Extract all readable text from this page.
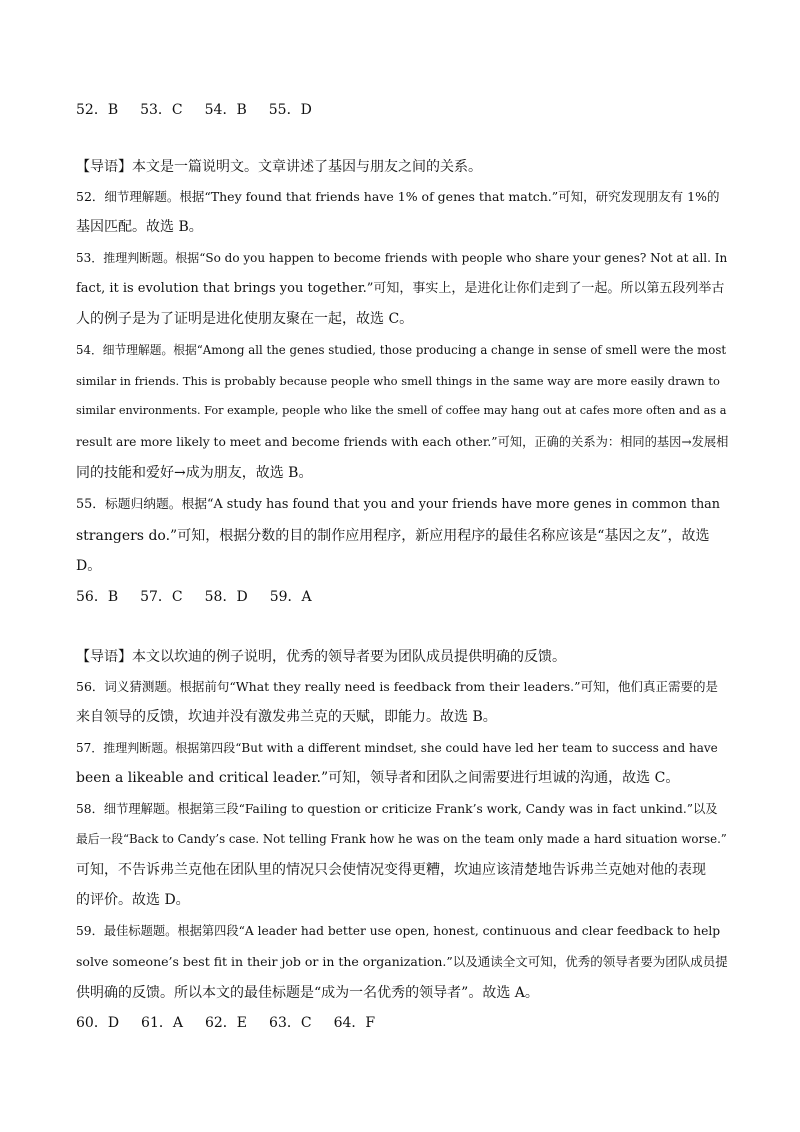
52．B 53．C 54．B 55．D
【导语】本文是一篇说明文。文章讲述了基因与朋友之间的关系。
52．细节理解题。根据“They found that friends have 1% of genes that match.”可知，研究发现朋友有 1%的
基因匹配。故选 B。
53．推理判断题。根据“So do you happen to become friends with people who share your genes? Not at all. In
fact, it is evolution that brings you together.”可知，事实上，是进化让你们走到了一起。所以第五段列举古
人的例子是为了证明是进化使朋友聚在一起，故选 C。
54．细节理解题。根据“Among all the genes studied, those producing a change in sense of smell were the most
similar in friends. This is probably because people who smell things in the same way are more easily drawn to
similar environments. For example, people who like the smell of coffee may hang out at cafes more often and as a
result are more likely to meet and become friends with each other.”可知，正确的关系为：相同的基因→发展相
同的技能和爱好→成为朋友，故选 B。
55．标题归纳题。根据“A study has found that you and your friends have more genes in common than
strangers do.”可知，根据分数的目的制作应用程序，新应用程序的最佳名称应该是“基因之友”，故选
D。
56．B 57．C 58．D 59．A
【导语】本文以坎迪的例子说明，优秀的领导者要为团队成员提供明确的反馈。
56．词义猜测题。根据前句“What they really need is feedback from their leaders.”可知，他们真正需要的是
来自领导的反馈，坎迪并没有激发弗兰克的天赋，即能力。故选 B。
57．推理判断题。根据第四段“But with a different mindset, she could have led her team to success and have
been a likeable and critical leader.”可知，领导者和团队之间需要进行坦诚的沟通，故选 C。
58．细节理解题。根据第三段“Failing to question or criticize Frank’s work, Candy was in fact unkind.”以及
最后一段“Back to Candy’s case. Not telling Frank how he was on the team only made a hard situation worse.”
可知，不告诉弗兰克他在团队里的情况只会使情况变得更糟，坎迪应该清楚地告诉弗兰克她对他的表现
的评价。故选 D。
59．最佳标题题。根据第四段“A leader had better use open, honest, continuous and clear feedback to help
solve someone’s best fit in their job or in the organization.”以及通读全文可知，优秀的领导者要为团队成员提
供明确的反馈。所以本文的最佳标题是“成为一名优秀的领导者”。故选 A。
60．D 61．A 62．E 63．C 64．F
